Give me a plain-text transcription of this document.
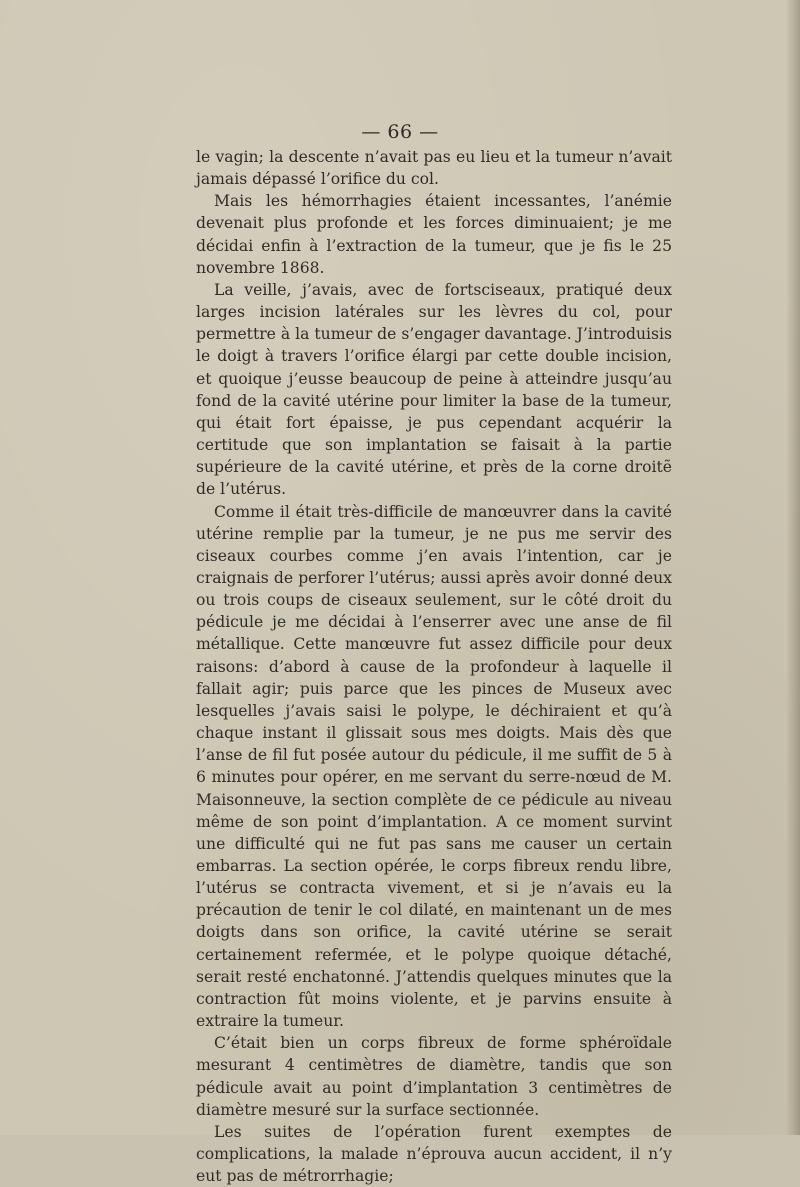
— 66 —

le vagin; la descente n’avait pas eu lieu et la tumeur n’avait jamais dépassé l’orifice du col.

Mais les hémorrhagies étaient incessantes, l’anémie devenait plus profonde et les forces diminuaient; je me décidai enfin à l’extraction de la tumeur, que je fis le 25 novembre 1868.

La veille, j’avais, avec de fortsciseaux, pratiqué deux larges incision latérales sur les lèvres du col, pour permettre à la tumeur de s’engager davantage. J’introduisis le doigt à travers l’orifice élargi par cette double incision, et quoique j’eusse beaucoup de peine à atteindre jusqu’au fond de la cavité utérine pour limiter la base de la tumeur, qui était fort épaisse, je pus cependant acquérir la certitude que son implantation se faisait à la partie supérieure de la cavité utérine, et près de la corne droitẽ de l’utérus.

Comme il était très-difficile de manœuvrer dans la cavité utérine remplie par la tumeur, je ne pus me servir des ciseaux courbes comme j’en avais l’intention, car je craignais de perforer l’utérus; aussi après avoir donné deux ou trois coups de ciseaux seulement, sur le côté droit du pédicule je me décidai à l’enserrer avec une anse de fil métallique. Cette manœuvre fut assez difficile pour deux raisons: d’abord à cause de la profondeur à laquelle il fallait agir; puis parce que les pinces de Museux avec lesquelles j’avais saisi le polype, le déchiraient et qu’à chaque instant il glissait sous mes doigts. Mais dès que l’anse de fil fut posée autour du pédicule, il me suffit de 5 à 6 minutes pour opérer, en me servant du serre-nœud de M. Maisonneuve, la section complète de ce pédicule au niveau même de son point d’implantation. A ce moment survint une difficulté qui ne fut pas sans me causer un certain embarras. La section opérée, le corps fibreux rendu libre, l’utérus se contracta vivement, et si je n’avais eu la précaution de tenir le col dilaté, en maintenant un de mes doigts dans son orifice, la cavité utérine se serait certainement refermée, et le polype quoique détaché, serait resté enchatonné. J’attendis quelques minutes que la contraction fût moins violente, et je parvins ensuite à extraire la tumeur.

C’était bien un corps fibreux de forme sphéroïdale mesurant 4 centimètres de diamètre, tandis que son pédicule avait au point d’implantation 3 centimètres de diamètre mesuré sur la surface sectionnée.

Les suites de l’opération furent exemptes de complications, la malade n’éprouva aucun accident, il n’y eut pas de métrorrhagie;
